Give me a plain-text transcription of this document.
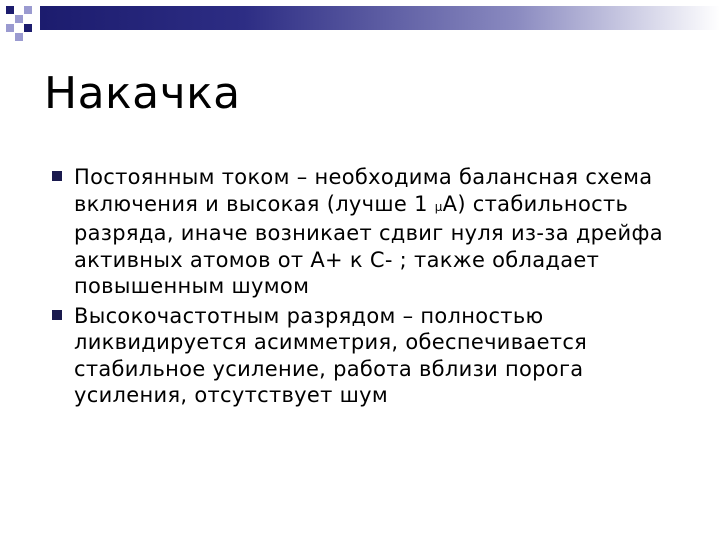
Накачка
Постоянным током – необходима балансная схема включения и высокая (лучше 1 μА) стабильность разряда, иначе возникает сдвиг нуля из-за дрейфа активных атомов от А+ к С- ; также обладает повышенным шумом
Высокочастотным разрядом – полностью ликвидируется асимметрия, обеспечивается стабильное усиление, работа вблизи порога усиления, отсутствует шум
